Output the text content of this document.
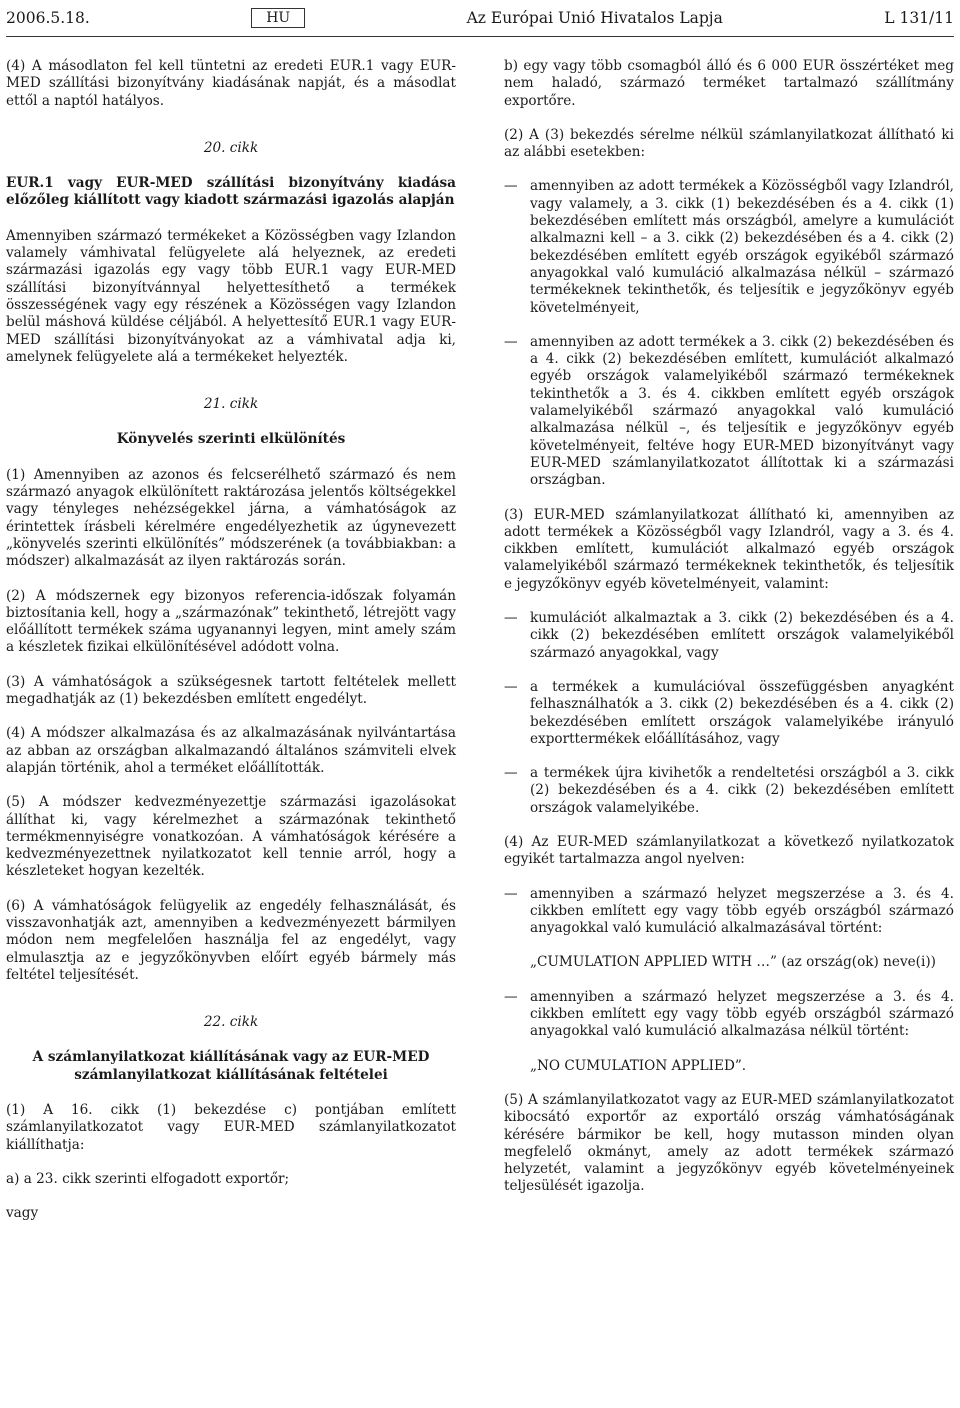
2006.5.18.	HU	Az Európai Unió Hivatalos Lapja	L 131/11

(4) A másodlaton fel kell tüntetni az eredeti EUR.1 vagy EUR-MED szállítási bizonyítvány kiadásának napját, és a másodlat ettől a naptól hatályos.

20. cikk

EUR.1 vagy EUR-MED szállítási bizonyítvány kiadása előzőleg kiállított vagy kiadott származási igazolás alapján

Amennyiben származó termékeket a Közösségben vagy Izlandon valamely vámhivatal felügyelete alá helyeznek, az eredeti származási igazolás egy vagy több EUR.1 vagy EUR-MED szállítási bizonyítvánnyal helyettesíthető a termékek összességének vagy egy részének a Közösségen vagy Izlandon belül máshová küldése céljából. A helyettesítő EUR.1 vagy EUR-MED szállítási bizonyítványokat az a vámhivatal adja ki, amelynek felügyelete alá a termékeket helyezték.

21. cikk

Könyvelés szerinti elkülönítés

(1) Amennyiben az azonos és felcserélhető származó és nem származó anyagok elkülönített raktározása jelentős költségekkel vagy tényleges nehézségekkel járna, a vámhatóságok az érintettek írásbeli kérelmére engedélyezhetik az úgynevezett „könyvelés szerinti elkülönítés” módszerének (a továbbiakban: a módszer) alkalmazását az ilyen raktározás során.

(2) A módszernek egy bizonyos referencia-időszak folyamán biztosítania kell, hogy a „származónak” tekinthető, létrejött vagy előállított termékek száma ugyanannyi legyen, mint amely szám a készletek fizikai elkülönítésével adódott volna.

(3) A vámhatóságok a szükségesnek tartott feltételek mellett megadhatják az (1) bekezdésben említett engedélyt.

(4) A módszer alkalmazása és az alkalmazásának nyilvántartása az abban az országban alkalmazandó általános számviteli elvek alapján történik, ahol a terméket előállították.

(5) A módszer kedvezményezettje származási igazolásokat állíthat ki, vagy kérelmezhet a származónak tekinthető termékmennyiségre vonatkozóan. A vámhatóságok kérésére a kedvezményezettnek nyilatkozatot kell tennie arról, hogy a készleteket hogyan kezelték.

(6) A vámhatóságok felügyelik az engedély felhasználását, és visszavonhatják azt, amennyiben a kedvezményezett bármilyen módon nem megfelelően használja fel az engedélyt, vagy elmulasztja az e jegyzőkönyvben előírt egyéb bármely más feltétel teljesítését.

22. cikk

A számlanyilatkozat kiállításának vagy az EUR-MED számlanyilatkozat kiállításának feltételei

(1) A 16. cikk (1) bekezdése c) pontjában említett számlanyilatkozatot vagy EUR-MED számlanyilatkozatot kiállíthatja:

a) a 23. cikk szerinti elfogadott exportőr;

vagy

b) egy vagy több csomagból álló és 6 000 EUR összértéket meg nem haladó, származó terméket tartalmazó szállítmány exportőre.

(2) A (3) bekezdés sérelme nélkül számlanyilatkozat állítható ki az alábbi esetekben:

— amennyiben az adott termékek a Közösségből vagy Izlandról, vagy valamely, a 3. cikk (1) bekezdésében és a 4. cikk (1) bekezdésében említett más országból, amelyre a kumulációt alkalmazni kell – a 3. cikk (2) bekezdésében és a 4. cikk (2) bekezdésében említett egyéb országok egyikéből származó anyagokkal való kumuláció alkalmazása nélkül – származó termékeknek tekinthetők, és teljesítik e jegyzőkönyv egyéb követelményeit,
— amennyiben az adott termékek a 3. cikk (2) bekezdésében és a 4. cikk (2) bekezdésében említett, kumulációt alkalmazó egyéb országok valamelyikéből származó termékeknek tekinthetők a 3. és 4. cikkben említett egyéb országok valamelyikéből származó anyagokkal való kumuláció alkalmazása nélkül –, és teljesítik e jegyzőkönyv egyéb követelményeit, feltéve hogy EUR-MED bizonyítványt vagy EUR-MED számlanyilatkozatot állítottak ki a származási országban.

(3) EUR-MED számlanyilatkozat állítható ki, amennyiben az adott termékek a Közösségből vagy Izlandról, vagy a 3. és 4. cikkben említett, kumulációt alkalmazó egyéb országok valamelyikéből származó termékeknek tekinthetők, és teljesítik e jegyzőkönyv egyéb követelményeit, valamint:

— kumulációt alkalmaztak a 3. cikk (2) bekezdésében és a 4. cikk (2) bekezdésében említett országok valamelyikéből származó anyagokkal, vagy
— a termékek a kumulációval összefüggésben anyagként felhasználhatók a 3. cikk (2) bekezdésében és a 4. cikk (2) bekezdésében említett országok valamelyikébe irányuló exporttermékek előállításához, vagy
— a termékek újra kivihetők a rendeltetési országból a 3. cikk (2) bekezdésében és a 4. cikk (2) bekezdésében említett országok valamelyikébe.

(4) Az EUR-MED számlanyilatkozat a következő nyilatkozatok egyikét tartalmazza angol nyelven:

— amennyiben a származó helyzet megszerzése a 3. és 4. cikkben említett egy vagy több egyéb országból származó anyagokkal való kumuláció alkalmazásával történt:

„CUMULATION APPLIED WITH …” (az ország(ok) neve(i))

— amennyiben a származó helyzet megszerzése a 3. és 4. cikkben említett egy vagy több egyéb országból származó anyagokkal való kumuláció alkalmazása nélkül történt:

„NO CUMULATION APPLIED”.

(5) A számlanyilatkozatot vagy az EUR-MED számlanyilatkozatot kibocsátó exportőr az exportáló ország vámhatóságának kérésére bármikor be kell, hogy mutasson minden olyan megfelelő okmányt, amely az adott termékek származó helyzetét, valamint a jegyzőkönyv egyéb követelményeinek teljesülését igazolja.
